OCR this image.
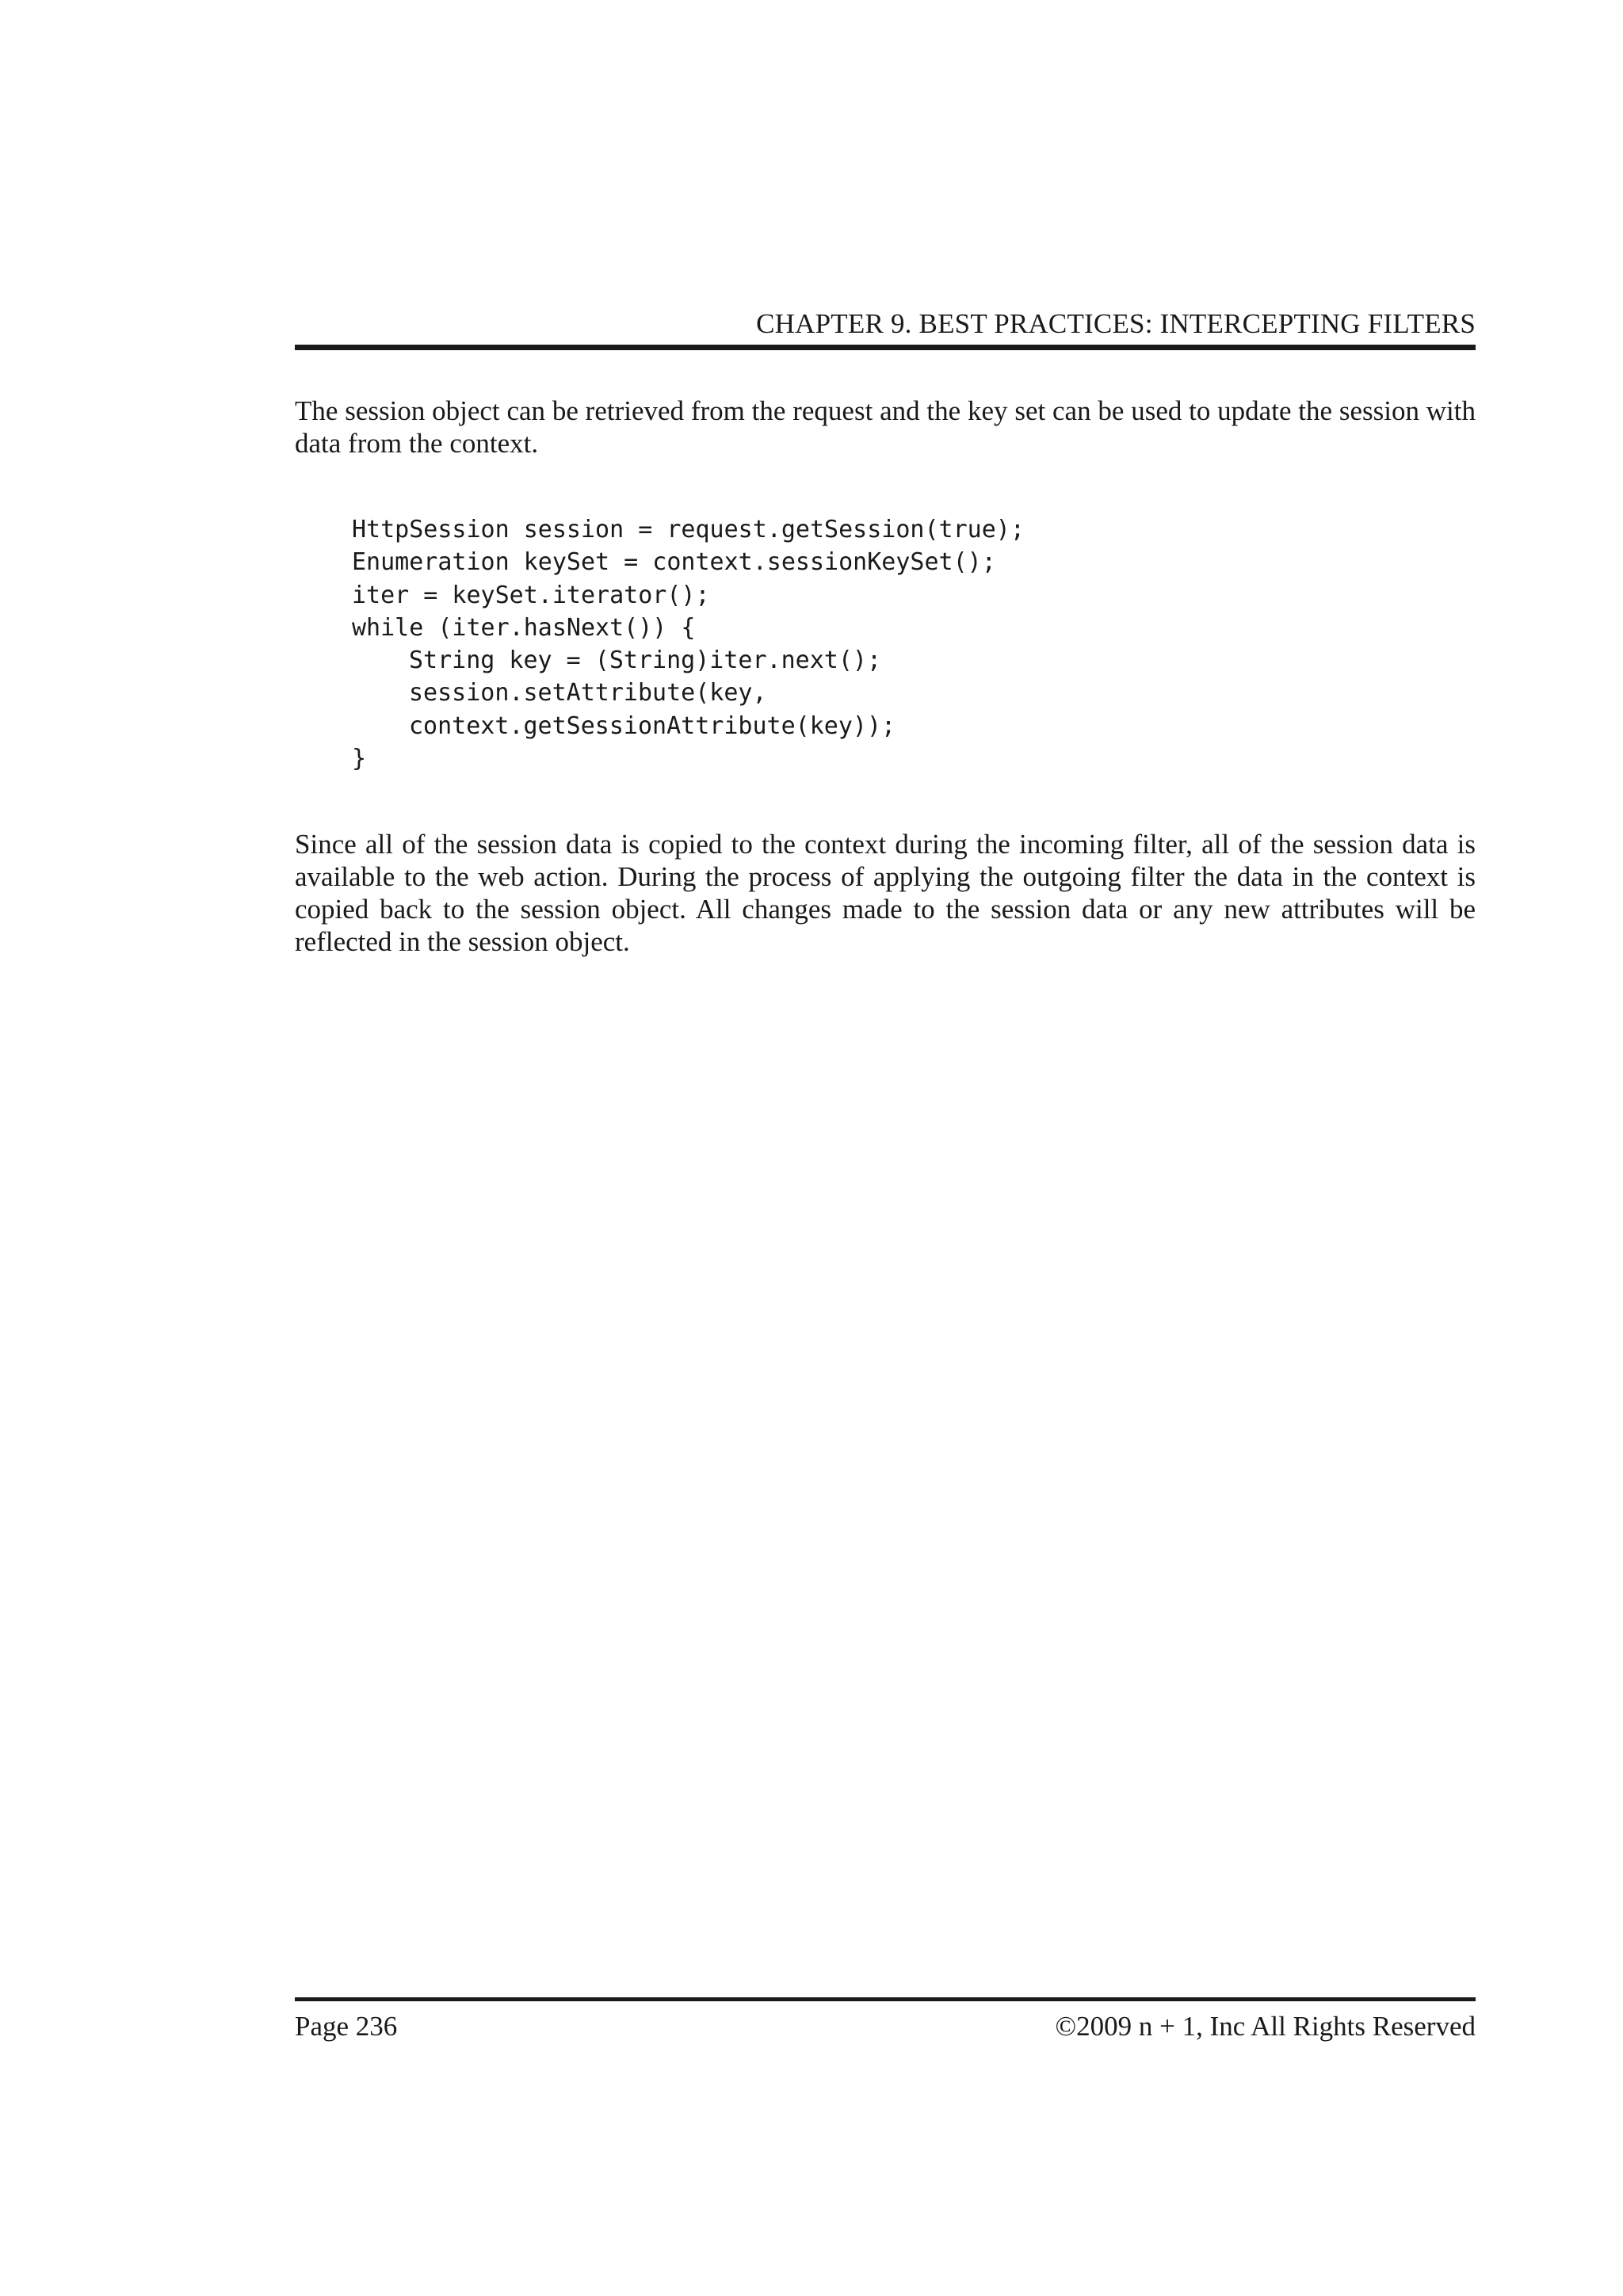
CHAPTER 9. BEST PRACTICES: INTERCEPTING FILTERS

The session object can be retrieved from the request and the key set can be used to update the session with data from the context.

HttpSession session = request.getSession(true);
Enumeration keySet = context.sessionKeySet();
iter = keySet.iterator();
while (iter.hasNext()) {
String key = (String)iter.next();
session.setAttribute(key,
context.getSessionAttribute(key));
}

Since all of the session data is copied to the context during the incoming filter, all of the session data is available to the web action. During the process of applying the outgoing filter the data in the context is copied back to the session object. All changes made to the session data or any new attributes will be reflected in the session object.

Page 236	©2009 n + 1, Inc All Rights Reserved
